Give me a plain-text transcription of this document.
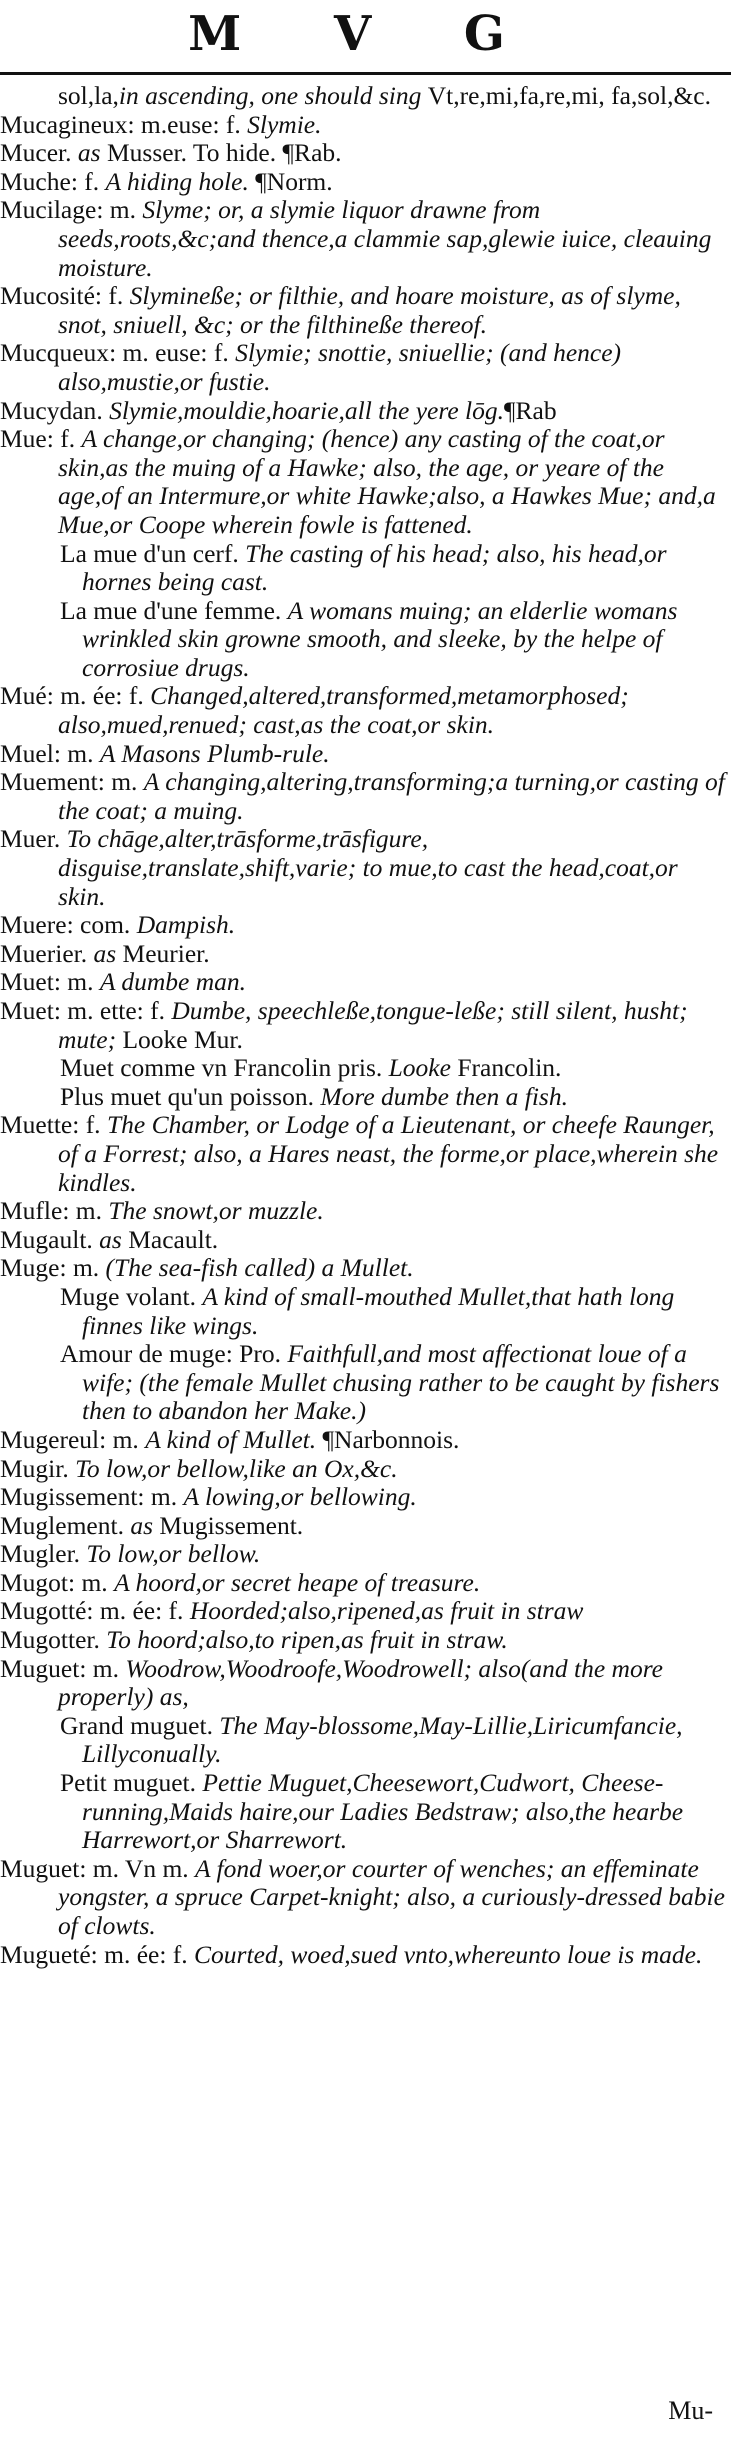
M V G

sol,la,in ascending, one should sing Vt,re,mi,fa,re,mi, fa,sol,&c.

Mucagineux: m.euse: f. Slymie.

Mucer. as Musser. To hide. ¶Rab.

Muche: f. A hiding hole. ¶Norm.

Mucilage: m. Slyme; or, a slymie liquor drawne from seeds,roots,&c;and thence,a clammie sap,glewie iuice, cleauing moisture.

Mucosité: f. Slymineße; or filthie, and hoare moisture, as of slyme, snot, sniuell, &c; or the filthineße thereof.

Mucqueux: m. euse: f. Slymie; snottie, sniuellie; (and hence) also,mustie,or fustie.

Mucydan. Slymie,mouldie,hoarie,all the yere lōg.¶Rab

Mue: f. A change,or changing; (hence) any casting of the coat,or skin,as the muing of a Hawke; also, the age, or yeare of the age,of an Intermure,or white Hawke;also, a Hawkes Mue; and,a Mue,or Coope wherein fowle is fattened.

La mue d'un cerf. The casting of his head; also, his head,or hornes being cast.

La mue d'une femme. A womans muing; an elderlie womans wrinkled skin growne smooth, and sleeke, by the helpe of corrosiue drugs.

Mué: m. ée: f. Changed,altered,transformed,metamorphosed; also,mued,renued; cast,as the coat,or skin.

Muel: m. A Masons Plumb-rule.

Muement: m. A changing,altering,transforming;a turning,or casting of the coat; a muing.

Muer. To chāge,alter,trāsforme,trāsfigure, disguise,translate,shift,varie; to mue,to cast the head,coat,or skin.

Muere: com. Dampish.

Muerier. as Meurier.

Muet: m. A dumbe man.

Muet: m. ette: f. Dumbe, speechleße,tongue-leße; still silent, husht; mute; Looke Mur.

Muet comme vn Francolin pris. Looke Francolin.

Plus muet qu'un poisson. More dumbe then a fish.

Muette: f. The Chamber, or Lodge of a Lieutenant, or cheefe Raunger, of a Forrest; also, a Hares neast, the forme,or place,wherein she kindles.

Mufle: m. The snowt,or muzzle.

Mugault. as Macault.

Muge: m. (The sea-fish called) a Mullet.

Muge volant. A kind of small-mouthed Mullet,that hath long finnes like wings.

Amour de muge: Pro. Faithfull,and most affectionat loue of a wife; (the female Mullet chusing rather to be caught by fishers then to abandon her Make.)

Mugereul: m. A kind of Mullet. ¶Narbonnois.

Mugir. To low,or bellow,like an Ox,&c.

Mugissement: m. A lowing,or bellowing.

Muglement. as Mugissement.

Mugler. To low,or bellow.

Mugot: m. A hoord,or secret heape of treasure.

Mugotté: m. ée: f. Hoorded;also,ripened,as fruit in straw

Mugotter. To hoord;also,to ripen,as fruit in straw.

Muguet: m. Woodrow,Woodroofe,Woodrowell; also(and the more properly) as,

Grand muguet. The May-blossome,May-Lillie,Liricumfancie, Lillyconually.

Petit muguet. Pettie Muguet,Cheesewort,Cudwort, Cheese-running,Maids haire,our Ladies Bedstraw; also,the hearbe Harrewort,or Sharrewort.

Muguet: m. Vn m. A fond woer,or courter of wenches; an effeminate yongster, a spruce Carpet-knight; also, a curiously-dressed babie of clowts.

Mugueté: m. ée: f. Courted, woed,sued vnto,whereunto loue is made.

Mu-
